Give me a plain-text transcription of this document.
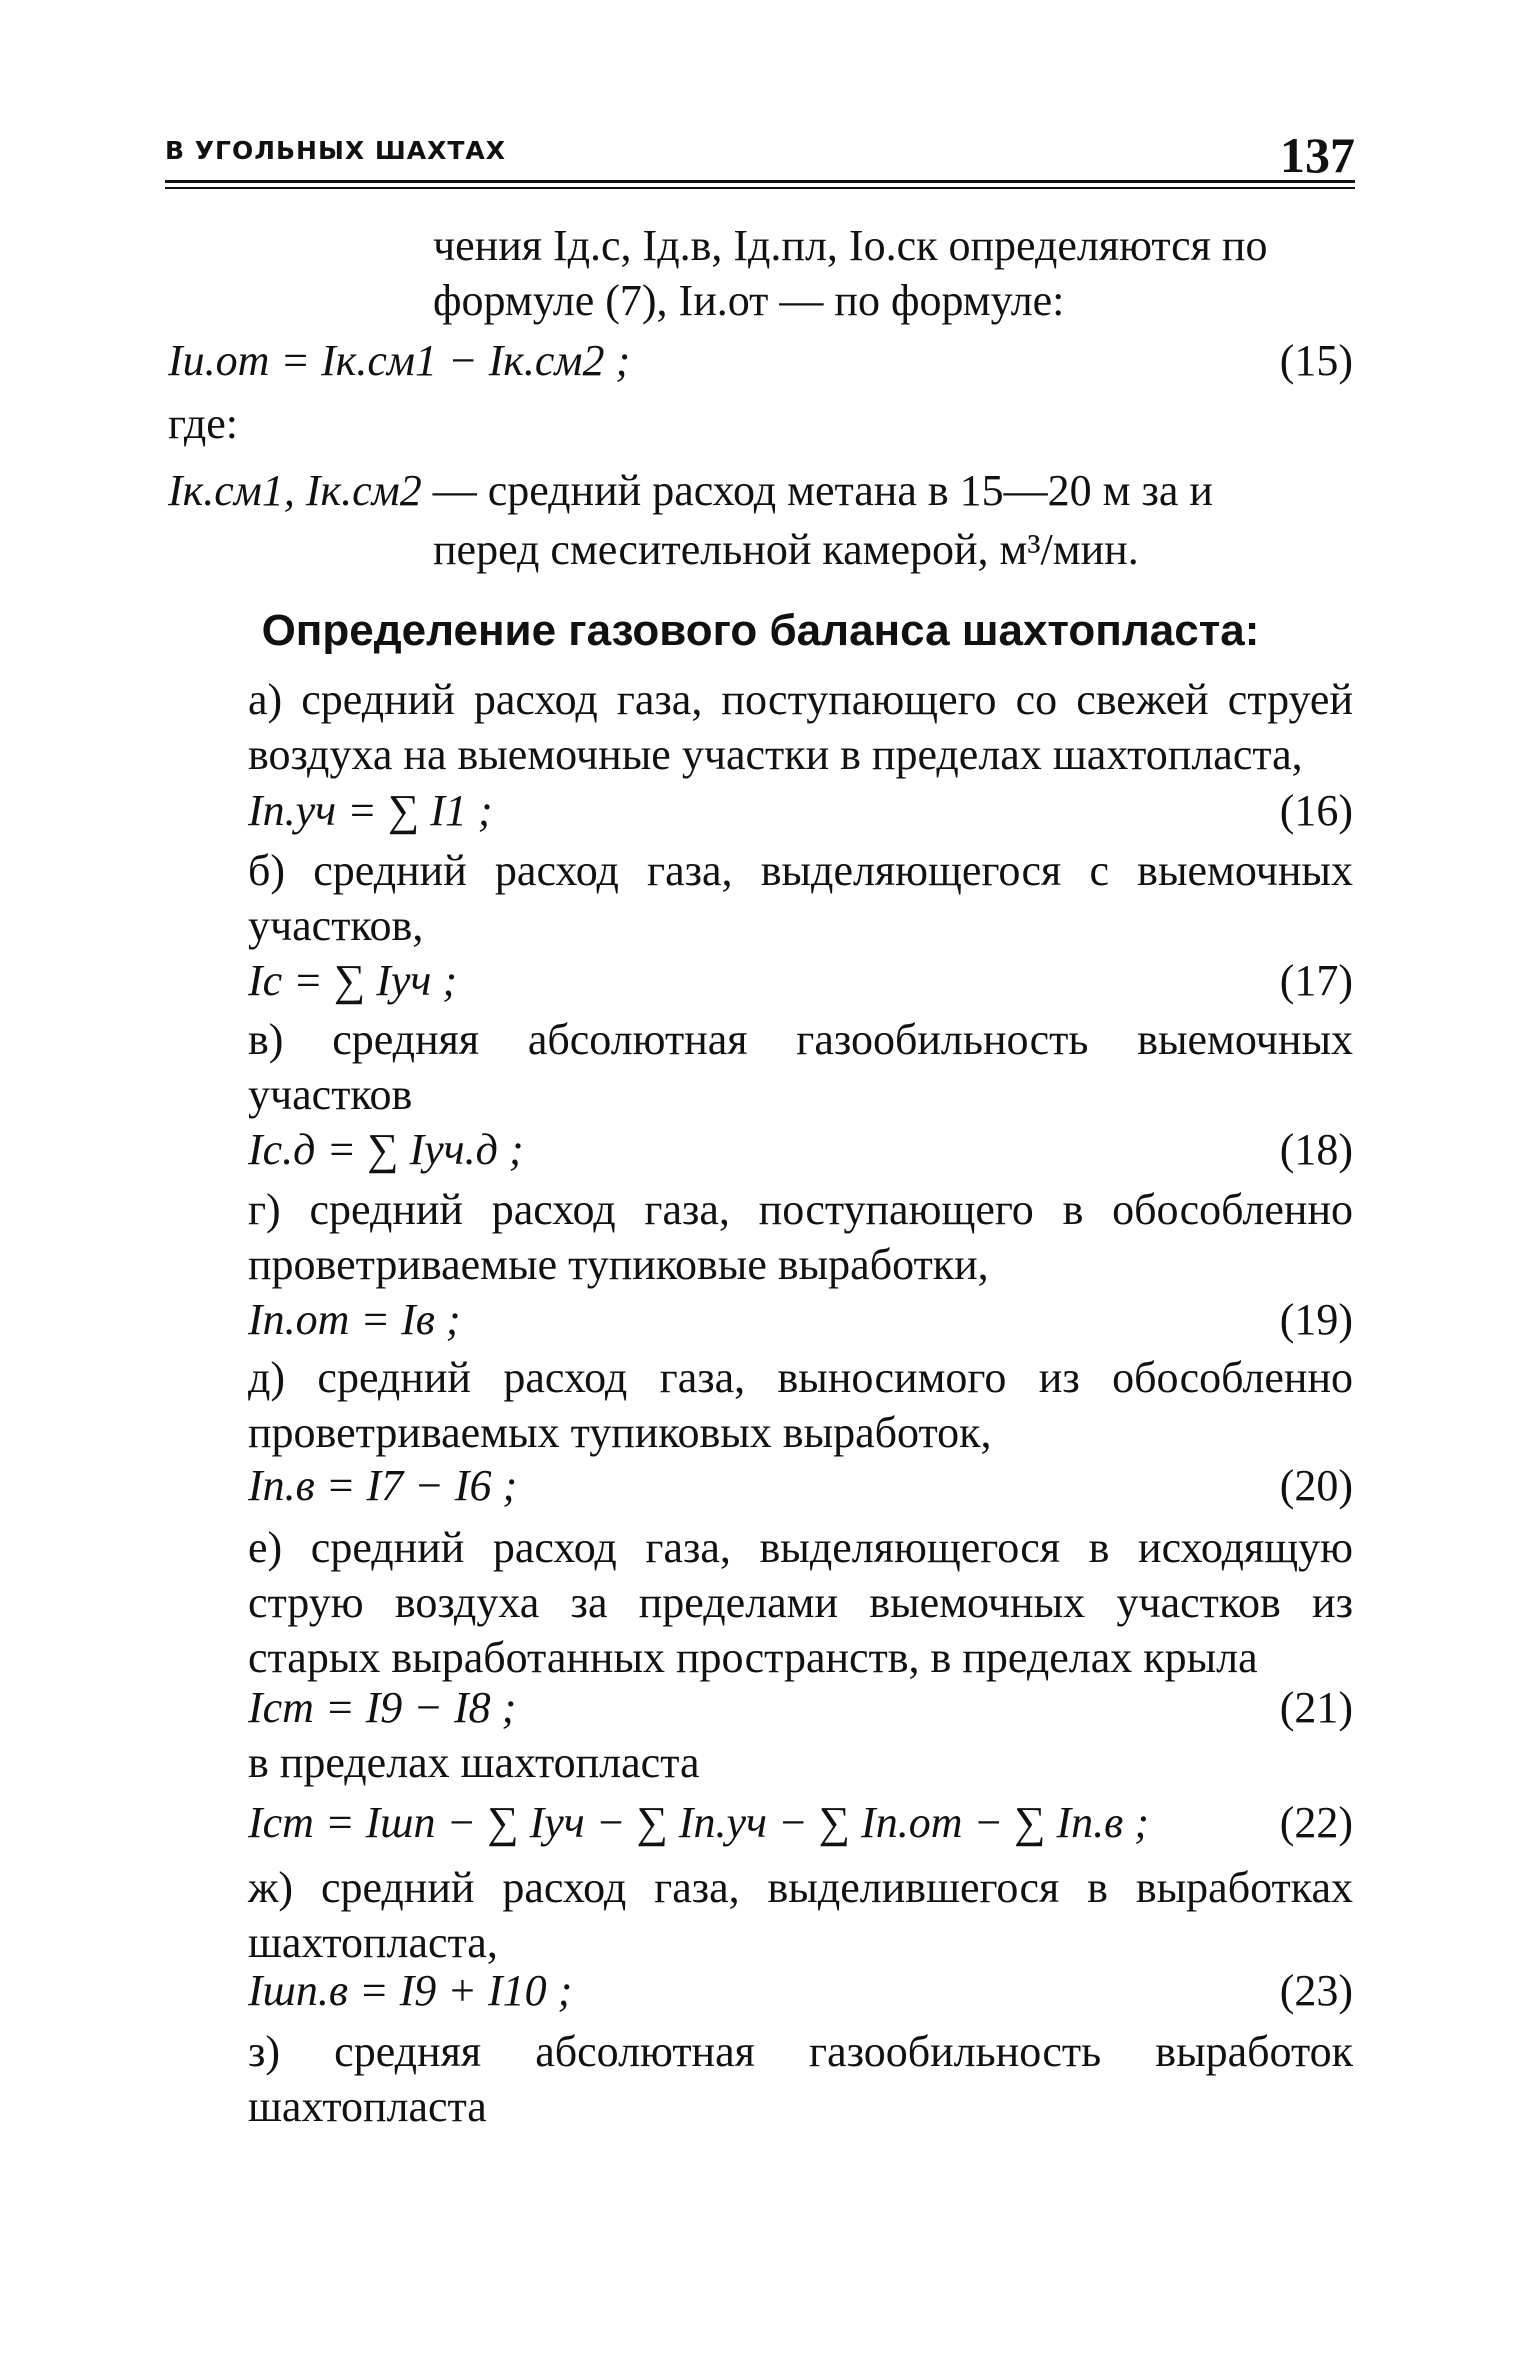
В УГОЛЬНЫХ ШАХТАХ	137
чения Iд.с, Iд.в, Iд.пл, Iо.ск определяются по
формуле (7), Iи.от — по формуле:
Iи.от = Iк.см1 − Iк.см2 ;	(15)
где:
Iк.см1, Iк.см2 — средний расход метана в 15—20 м за и
перед смесительной камерой, м³/мин.
Определение газового баланса шахтопласта:
а) средний расход газа, поступающего со свежей струей воздуха на выемочные участки в пределах шахтопласта,
Iп.уч = ∑ I1 ;	(16)
б) средний расход газа, выделяющегося с выемочных участков,
Iс = ∑ Iуч ;	(17)
в) средняя абсолютная газообильность выемочных участков
Iс.д = ∑ Iуч.д ;	(18)
г) средний расход газа, поступающего в обособленно проветриваемые тупиковые выработки,
Iп.от = Iв ;	(19)
д) средний расход газа, выносимого из обособленно проветриваемых тупиковых выработок,
Iп.в = I7 − I6 ;	(20)
е) средний расход газа, выделяющегося в исходящую струю воздуха за пределами выемочных участков из старых выработанных пространств, в пределах крыла
Iст = I9 − I8 ;	(21)
в пределах шахтопласта
Iст = Iшп − ∑ Iуч − ∑ Iп.уч − ∑ Iп.от − ∑ Iп.в ;	(22)
ж) средний расход газа, выделившегося в выработках шахтопласта,
Iшп.в = I9 + I10 ;	(23)
з) средняя абсолютная газообильность выработок шахтопласта
